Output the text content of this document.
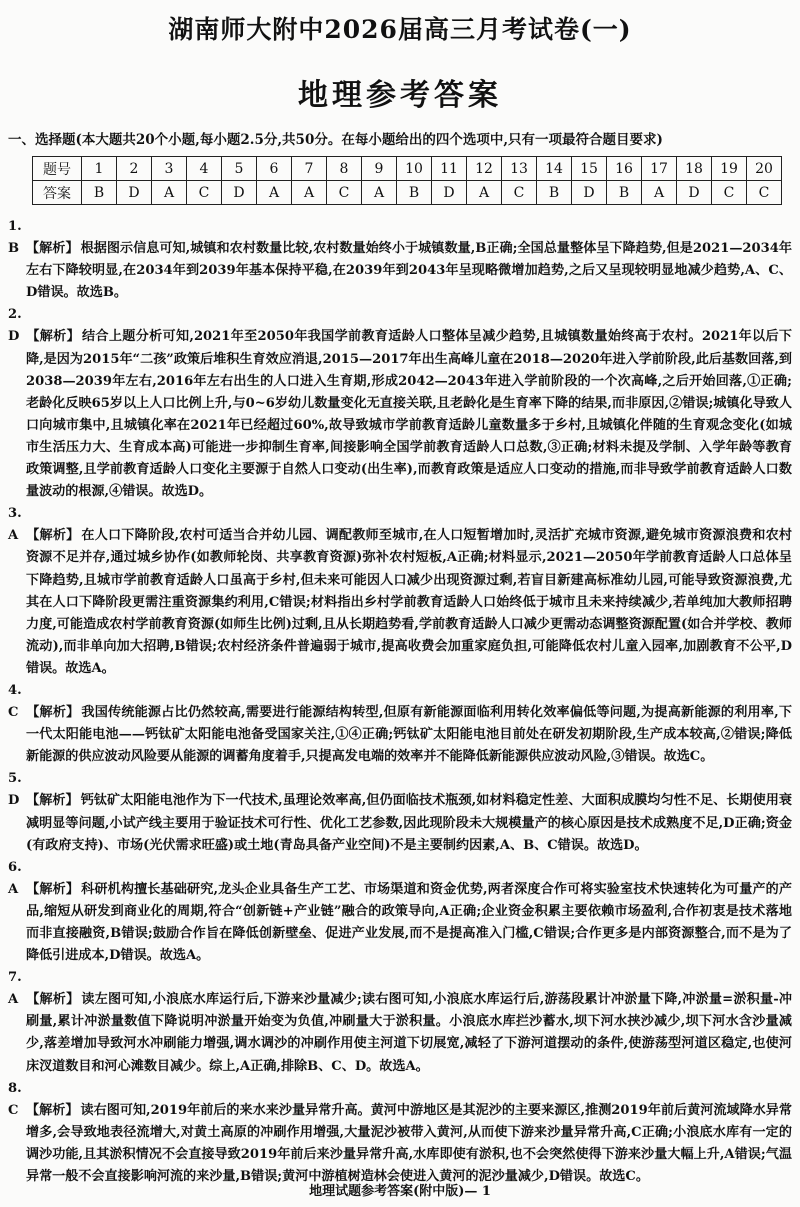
湖南师大附中2026届高三月考试卷(一)
地理参考答案
一、选择题(本大题共20个小题,每小题2.5分,共50分。在每小题给出的四个选项中,只有一项最符合题目要求)
题号	1	2	3	4	5	6	7	8	9	10	11	12	13	14	15	16	17	18	19	20
答案	B	D	A	C	D	A	A	C	A	B	D	A	C	B	D	B	A	D	C	C

1.B 【解析】 根据图示信息可知,城镇和农村数量比较,农村数量始终小于城镇数量,B正确;全国总量整体呈下降趋势,但是2021—2034年左右下降较明显,在2034年到2039年基本保持平稳,在2039年到2043年呈现略微增加趋势,之后又呈现较明显地减少趋势,A、C、D错误。故选B。

2.D 【解析】 结合上题分析可知,2021年至2050年我国学前教育适龄人口整体呈减少趋势,且城镇数量始终高于农村。2021年以后下降,是因为2015年“二孩”政策后堆积生育效应消退,2015—2017年出生高峰儿童在2018—2020年进入学前阶段,此后基数回落,到2038—2039年左右,2016年左右出生的人口进入生育期,形成2042—2043年进入学前阶段的一个次高峰,之后开始回落,①正确;老龄化反映65岁以上人口比例上升,与0~6岁幼儿数量变化无直接关联,且老龄化是生育率下降的结果,而非原因,②错误;城镇化导致人口向城市集中,且城镇化率在2021年已经超过60%,故导致城市学前教育适龄儿童数量多于乡村,且城镇化伴随的生育观念变化(如城市生活压力大、生育成本高)可能进一步抑制生育率,间接影响全国学前教育适龄人口总数,③正确;材料未提及学制、入学年龄等教育政策调整,且学前教育适龄人口变化主要源于自然人口变动(出生率),而教育政策是适应人口变动的措施,而非导致学前教育适龄人口数量波动的根源,④错误。故选D。

3.A 【解析】 在人口下降阶段,农村可适当合并幼儿园、调配教师至城市,在人口短暂增加时,灵活扩充城市资源,避免城市资源浪费和农村资源不足并存,通过城乡协作(如教师轮岗、共享教育资源)弥补农村短板,A正确;材料显示,2021—2050年学前教育适龄人口总体呈下降趋势,且城市学前教育适龄人口虽高于乡村,但未来可能因人口减少出现资源过剩,若盲目新建高标准幼儿园,可能导致资源浪费,尤其在人口下降阶段更需注重资源集约利用,C错误;材料指出乡村学前教育适龄人口始终低于城市且未来持续减少,若单纯加大教师招聘力度,可能造成农村学前教育资源(如师生比例)过剩,且从长期趋势看,学前教育适龄人口减少更需动态调整资源配置(如合并学校、教师流动),而非单向加大招聘,B错误;农村经济条件普遍弱于城市,提高收费会加重家庭负担,可能降低农村儿童入园率,加剧教育不公平,D错误。故选A。

4.C 【解析】 我国传统能源占比仍然较高,需要进行能源结构转型,但原有新能源面临利用转化效率偏低等问题,为提高新能源的利用率,下一代太阳能电池——钙钛矿太阳能电池备受国家关注,①④正确;钙钛矿太阳能电池目前处在研发初期阶段,生产成本较高,②错误;降低新能源的供应波动风险要从能源的调蓄角度着手,只提高发电端的效率并不能降低新能源供应波动风险,③错误。故选C。

5.D 【解析】 钙钛矿太阳能电池作为下一代技术,虽理论效率高,但仍面临技术瓶颈,如材料稳定性差、大面积成膜均匀性不足、长期使用衰减明显等问题,小试产线主要用于验证技术可行性、优化工艺参数,因此现阶段未大规模量产的核心原因是技术成熟度不足,D正确;资金(有政府支持)、市场(光伏需求旺盛)或土地(青岛具备产业空间)不是主要制约因素,A、B、C错误。故选D。

6.A 【解析】 科研机构擅长基础研究,龙头企业具备生产工艺、市场渠道和资金优势,两者深度合作可将实验室技术快速转化为可量产的产品,缩短从研发到商业化的周期,符合“创新链+产业链”融合的政策导向,A正确;企业资金积累主要依赖市场盈利,合作初衷是技术落地而非直接融资,B错误;鼓励合作旨在降低创新壁垒、促进产业发展,而不是提高准入门槛,C错误;合作更多是内部资源整合,而不是为了降低引进成本,D错误。故选A。

7.A 【解析】 读左图可知,小浪底水库运行后,下游来沙量减少;读右图可知,小浪底水库运行后,游荡段累计冲淤量下降,冲淤量=淤积量-冲刷量,累计冲淤量数值下降说明冲淤量开始变为负值,冲刷量大于淤积量。小浪底水库拦沙蓄水,坝下河水挟沙减少,坝下河水含沙量减少,落差增加导致河水冲刷能力增强,调水调沙的冲刷作用使主河道下切展宽,减轻了下游河道摆动的条件,使游荡型河道区稳定,也使河床汊道数目和河心滩数目减少。综上,A正确,排除B、C、D。故选A。

8.C 【解析】 读右图可知,2019年前后的来水来沙量异常升高。黄河中游地区是其泥沙的主要来源区,推测2019年前后黄河流域降水异常增多,会导致地表径流增大,对黄土高原的冲刷作用增强,大量泥沙被带入黄河,从而使下游来沙量异常升高,C正确;小浪底水库有一定的调沙功能,且其淤积情况不会直接导致2019年前后来沙量异常升高,水库即使有淤积,也不会突然使得下游来沙量大幅上升,A错误;气温异常一般不会直接影响河流的来沙量,B错误;黄河中游植树造林会使进入黄河的泥沙量减少,D错误。故选C。

地理试题参考答案(附中版)— 1
